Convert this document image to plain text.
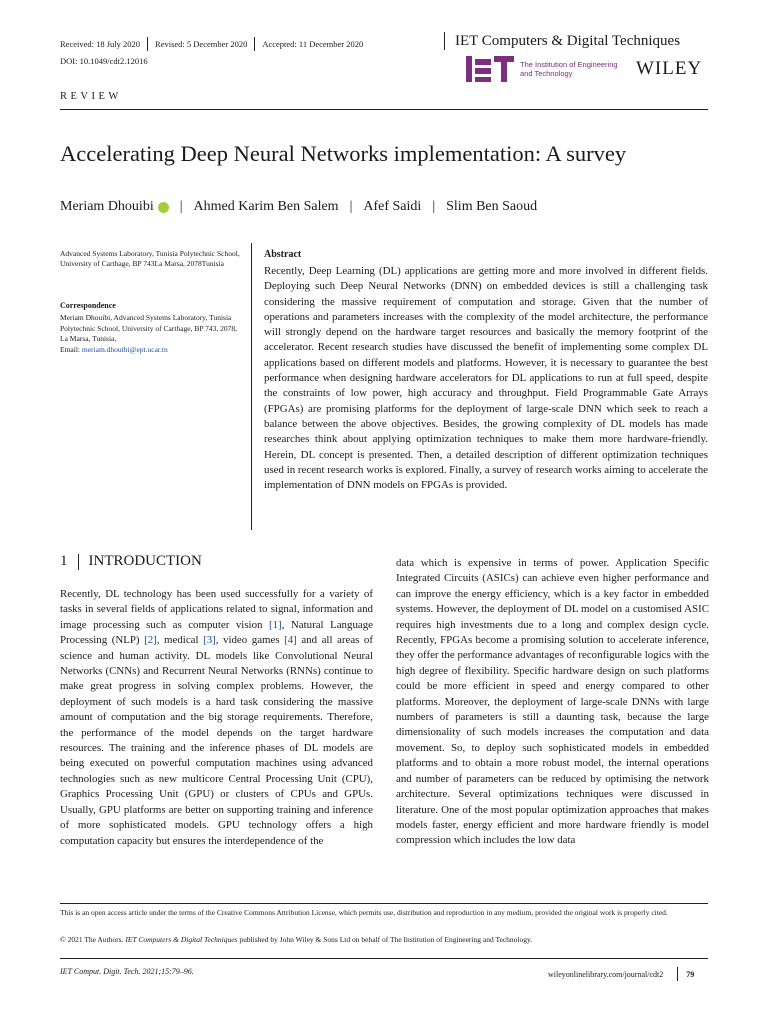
Received: 18 July 2020 Revised: 5 December 2020 Accepted: 11 December 2020
DOI: 10.1049/cdt2.12016
IET Computers & Digital Techniques
The Institution of Engineering and Technology	WILEY
REVIEW
Accelerating Deep Neural Networks implementation: A survey
Meriam Dhouibi | Ahmed Karim Ben Salem | Afef Saidi | Slim Ben Saoud
Advanced Systems Laboratory, Tunisia Polytechnic School, University of Carthage, BP 743La Marsa, 2078Tunisia
Correspondence
Meriam Dhouibi, Advanced Systems Laboratory, Tunisia Polytechnic School, University of Carthage, BP 743, 2078, La Marsa, Tunisia,
Email: meriam.dhouibi@ept.ucar.tn
Abstract
Recently, Deep Learning (DL) applications are getting more and more involved in different fields. Deploying such Deep Neural Networks (DNN) on embedded devices is still a challenging task considering the massive requirement of computation and storage. Given that the number of operations and parameters increases with the complexity of the model architecture, the performance will strongly depend on the hardware target resources and basically the memory footprint of the accelerator. Recent research studies have discussed the benefit of implementing some complex DL applications based on different models and platforms. However, it is necessary to guarantee the best performance when designing hardware accelerators for DL applications to run at full speed, despite the constraints of low power, high accuracy and throughput. Field Programmable Gate Arrays (FPGAs) are promising platforms for the deployment of large-scale DNN which seek to reach a balance between the above objectives. Besides, the growing complexity of DL models has made researches think about applying optimization techniques to make them more hardware-friendly. Herein, DL concept is presented. Then, a detailed description of different optimization techniques used in recent research works is explored. Finally, a survey of research works aiming to accelerate the implementation of DNN models on FPGAs is provided.
1 INTRODUCTION
Recently, DL technology has been used successfully for a variety of tasks in several fields of applications related to signal, information and image processing such as computer vision [1], Natural Language Processing (NLP) [2], medical [3], video games [4] and all areas of science and human activity. DL models like Convolutional Neural Networks (CNNs) and Recurrent Neural Networks (RNNs) continue to make great progress in solving complex problems. However, the deployment of such models is a hard task considering the massive amount of computation and the big storage requirements. Therefore, the performance of the model depends on the target hardware resources. The training and the inference phases of DL models are being executed on powerful computation machines using advanced technologies such as new multicore Central Processing Unit (CPU), Graphics Processing Unit (GPU) or clusters of CPUs and GPUs. Usually, GPU platforms are better on supporting training and inference of more sophisticated models. GPU technology offers a high computation capacity but ensures the interdependence of the
data which is expensive in terms of power. Application Specific Integrated Circuits (ASICs) can achieve even higher performance and can improve the energy efficiency, which is a key factor in embedded systems. However, the deployment of DL model on a customised ASIC requires high investments due to a long and complex design cycle. Recently, FPGAs become a promising solution to accelerate inference, they offer the performance advantages of reconfigurable logics with the high degree of flexibility. Specific hardware design on such platforms could be more efficient in speed and energy compared to other platforms. Moreover, the deployment of large-scale DNNs with large numbers of parameters is still a daunting task, because the large dimensionality of such models increases the computation and data movement. So, to deploy such sophisticated models in embedded platforms and to obtain a more robust model, the internal operations and number of parameters can be reduced by optimising the network architecture. Several optimizations techniques were discussed in literature. One of the most popular optimization approaches that makes models faster, energy efficient and more hardware friendly is model compression which includes the low data
This is an open access article under the terms of the Creative Commons Attribution License, which permits use, distribution and reproduction in any medium, provided the original work is properly cited.
© 2021 The Authors. IET Computers & Digital Techniques published by John Wiley & Sons Ltd on behalf of The Institution of Engineering and Technology.
IET Comput. Digit. Tech. 2021;15:79–96.	wileyonlinelibrary.com/journal/cdt2	79
